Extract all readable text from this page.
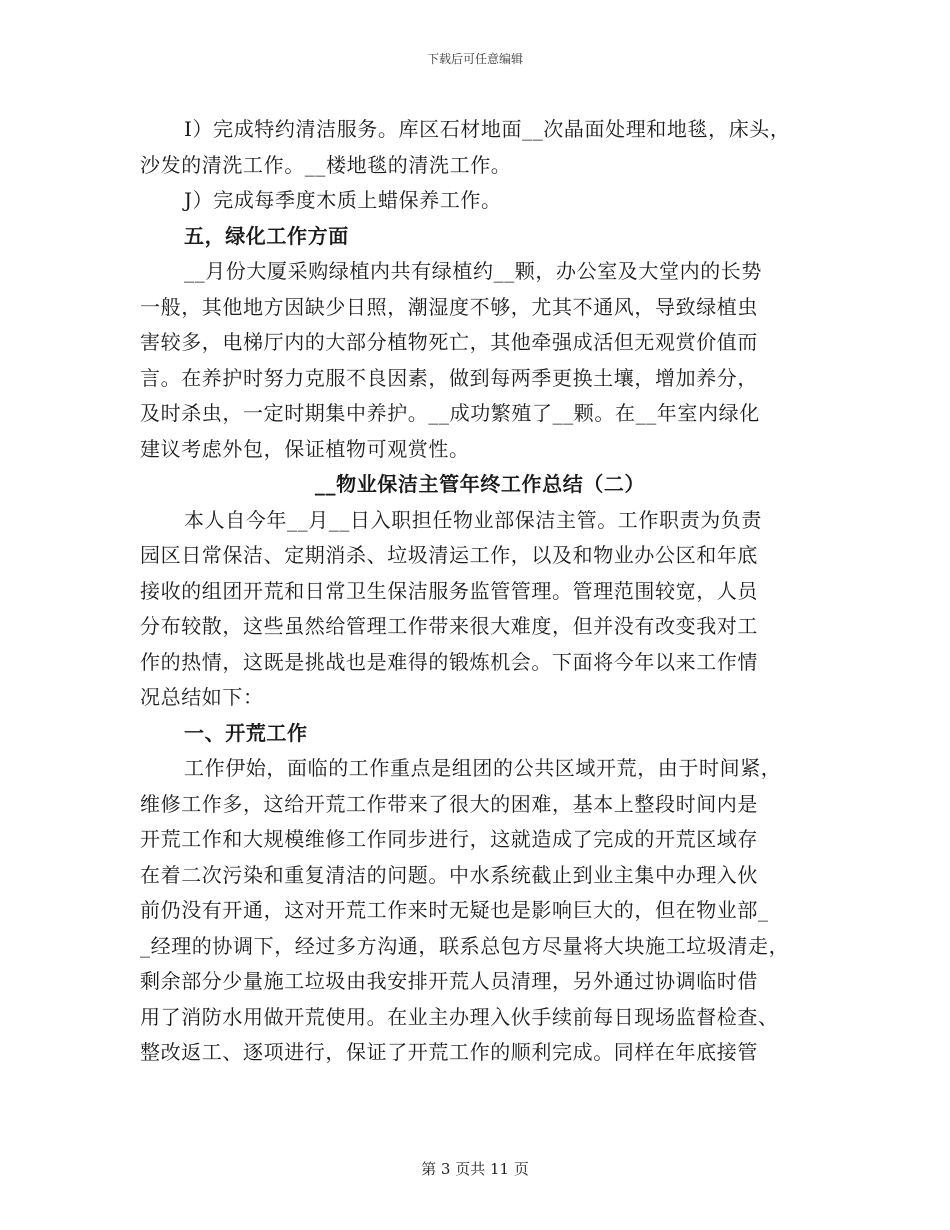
下载后可任意编辑
I）完成特约清洁服务。库区石材地面__次晶面处理和地毯，床头，
沙发的清洗工作。__楼地毯的清洗工作。
J）完成每季度木质上蜡保养工作。
五，绿化工作方面
__月份大厦采购绿植内共有绿植约__颗，办公室及大堂内的长势
一般，其他地方因缺少日照，潮湿度不够，尤其不通风，导致绿植虫
害较多，电梯厅内的大部分植物死亡，其他牵强成活但无观赏价值而
言。在养护时努力克服不良因素，做到每两季更换土壤，增加养分，
及时杀虫，一定时期集中养护。__成功繁殖了__颗。在__年室内绿化
建议考虑外包，保证植物可观赏性。
__物业保洁主管年终工作总结（二）
本人自今年__月__日入职担任物业部保洁主管。工作职责为负责
园区日常保洁、定期消杀、垃圾清运工作，以及和物业办公区和年底
接收的组团开荒和日常卫生保洁服务监管管理。管理范围较宽，人员
分布较散，这些虽然给管理工作带来很大难度，但并没有改变我对工
作的热情，这既是挑战也是难得的锻炼机会。下面将今年以来工作情
况总结如下：
一、开荒工作
工作伊始，面临的工作重点是组团的公共区域开荒，由于时间紧，
维修工作多，这给开荒工作带来了很大的困难，基本上整段时间内是
开荒工作和大规模维修工作同步进行，这就造成了完成的开荒区域存
在着二次污染和重复清洁的问题。中水系统截止到业主集中办理入伙
前仍没有开通，这对开荒工作来时无疑也是影响巨大的，但在物业部_
_经理的协调下，经过多方沟通，联系总包方尽量将大块施工垃圾清走，
剩余部分少量施工垃圾由我安排开荒人员清理，另外通过协调临时借
用了消防水用做开荒使用。在业主办理入伙手续前每日现场监督检查、
整改返工、逐项进行，保证了开荒工作的顺利完成。同样在年底接管
第 3 页共 11 页
